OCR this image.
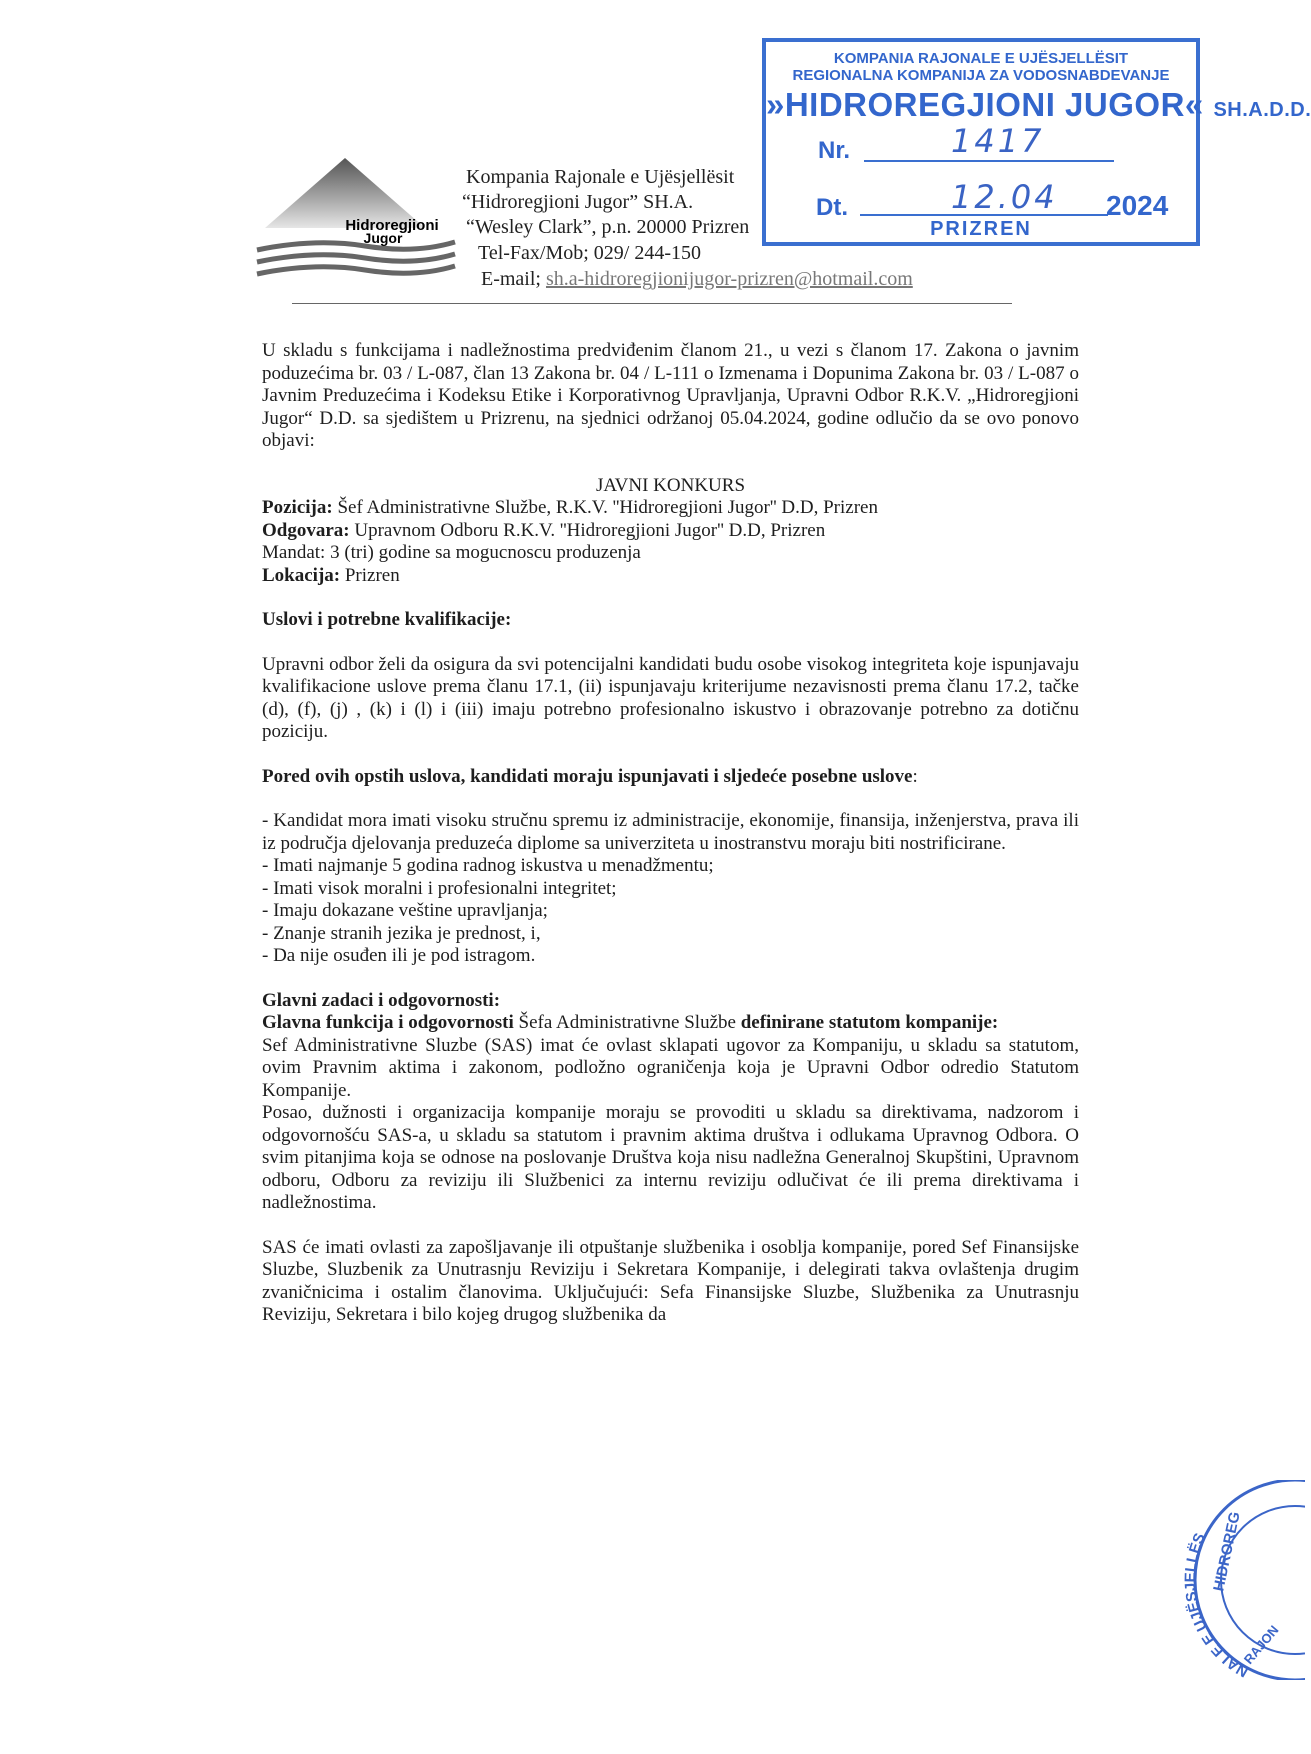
Hidroregjioni
Jugor
Kompania Rajonale e Ujësjellësit
“Hidroregjioni Jugor” SH.A.
“Wesley Clark”, p.n. 20000 Prizren
Tel-Fax/Mob; 029/ 244-150
E-mail; sh.a-hidroregjionijugor-prizren@hotmail.com
KOMPANIA RAJONALE E UJËSJELLËSIT
REGIONALNA KOMPANIJA ZA VODOSNABDEVANJE
»HIDROREGJIONI JUGOR« SH.A.D.D.
Nr.	1417
Dt.	12.04 2024
PRIZREN
NALE E UJËSJELLËS HIDROREG
RAJON

U skladu s funkcijama i nadležnostima predviđenim članom 21., u vezi s članom 17. Zakona o javnim poduzećima br. 03 / L-087, član 13 Zakona br. 04 / L-111 o Izmenama i Dopunima Zakona br. 03 / L-087 o Javnim Preduzećima i Kodeksu Etike i Korporativnog Upravljanja, Upravni Odbor R.K.V. „Hidroregjioni Jugor“ D.D. sa sjedištem u Prizrenu, na sjednici održanoj 05.04.2024, godine odlučio da se ovo ponovo objavi:

JAVNI KONKURS

Pozicija: Šef Administrativne Službe, R.K.V. ''Hidroregjioni Jugor'' D.D, Prizren

Odgovara: Upravnom Odboru R.K.V. ''Hidroregjioni Jugor'' D.D, Prizren

Mandat: 3 (tri) godine sa mogucnoscu produzenja

Lokacija: Prizren

Uslovi i potrebne kvalifikacije:

Upravni odbor želi da osigura da svi potencijalni kandidati budu osobe visokog integriteta koje ispunjavaju kvalifikacione uslove prema članu 17.1, (ii) ispunjavaju kriterijume nezavisnosti prema članu 17.2, tačke (d), (f), (j) , (k) i (l) i (iii) imaju potrebno profesionalno iskustvo i obrazovanje potrebno za dotičnu poziciju.

Pored ovih opstih uslova, kandidati moraju ispunjavati i sljedeće posebne uslove:

- Kandidat mora imati visoku stručnu spremu iz administracije, ekonomije, finansija, inženjerstva, prava ili iz područja djelovanja preduzeća diplome sa univerziteta u inostranstvu moraju biti nostrificirane.

- Imati najmanje 5 godina radnog iskustva u menadžmentu;

- Imati visok moralni i profesionalni integritet;

- Imaju dokazane veštine upravljanja;

- Znanje stranih jezika je prednost, i,

- Da nije osuđen ili je pod istragom.

Glavni zadaci i odgovornosti:

Glavna funkcija i odgovornosti Šefa Administrativne Službe definirane statutom kompanije:

Sef Administrativne Sluzbe (SAS) imat će ovlast sklapati ugovor za Kompaniju, u skladu sa statutom, ovim Pravnim aktima i zakonom, podložno ograničenja koja je Upravni Odbor odredio Statutom Kompanije.

Posao, dužnosti i organizacija kompanije moraju se provoditi u skladu sa direktivama, nadzorom i odgovornošću SAS-a, u skladu sa statutom i pravnim aktima društva i odlukama Upravnog Odbora. O svim pitanjima koja se odnose na poslovanje Društva koja nisu nadležna Generalnoj Skupštini, Upravnom odboru, Odboru za reviziju ili Službenici za internu reviziju odlučivat će ili prema direktivama i nadležnostima.

SAS će imati ovlasti za zapošljavanje ili otpuštanje službenika i osoblja kompanije, pored Sef Finansijske Sluzbe, Sluzbenik za Unutrasnju Reviziju i Sekretara Kompanije, i delegirati takva ovlaštenja drugim zvaničnicima i ostalim članovima. Uključujući: Sefa Finansijske Sluzbe, Službenika za Unutrasnju Reviziju, Sekretara i bilo kojeg drugog službenika da
